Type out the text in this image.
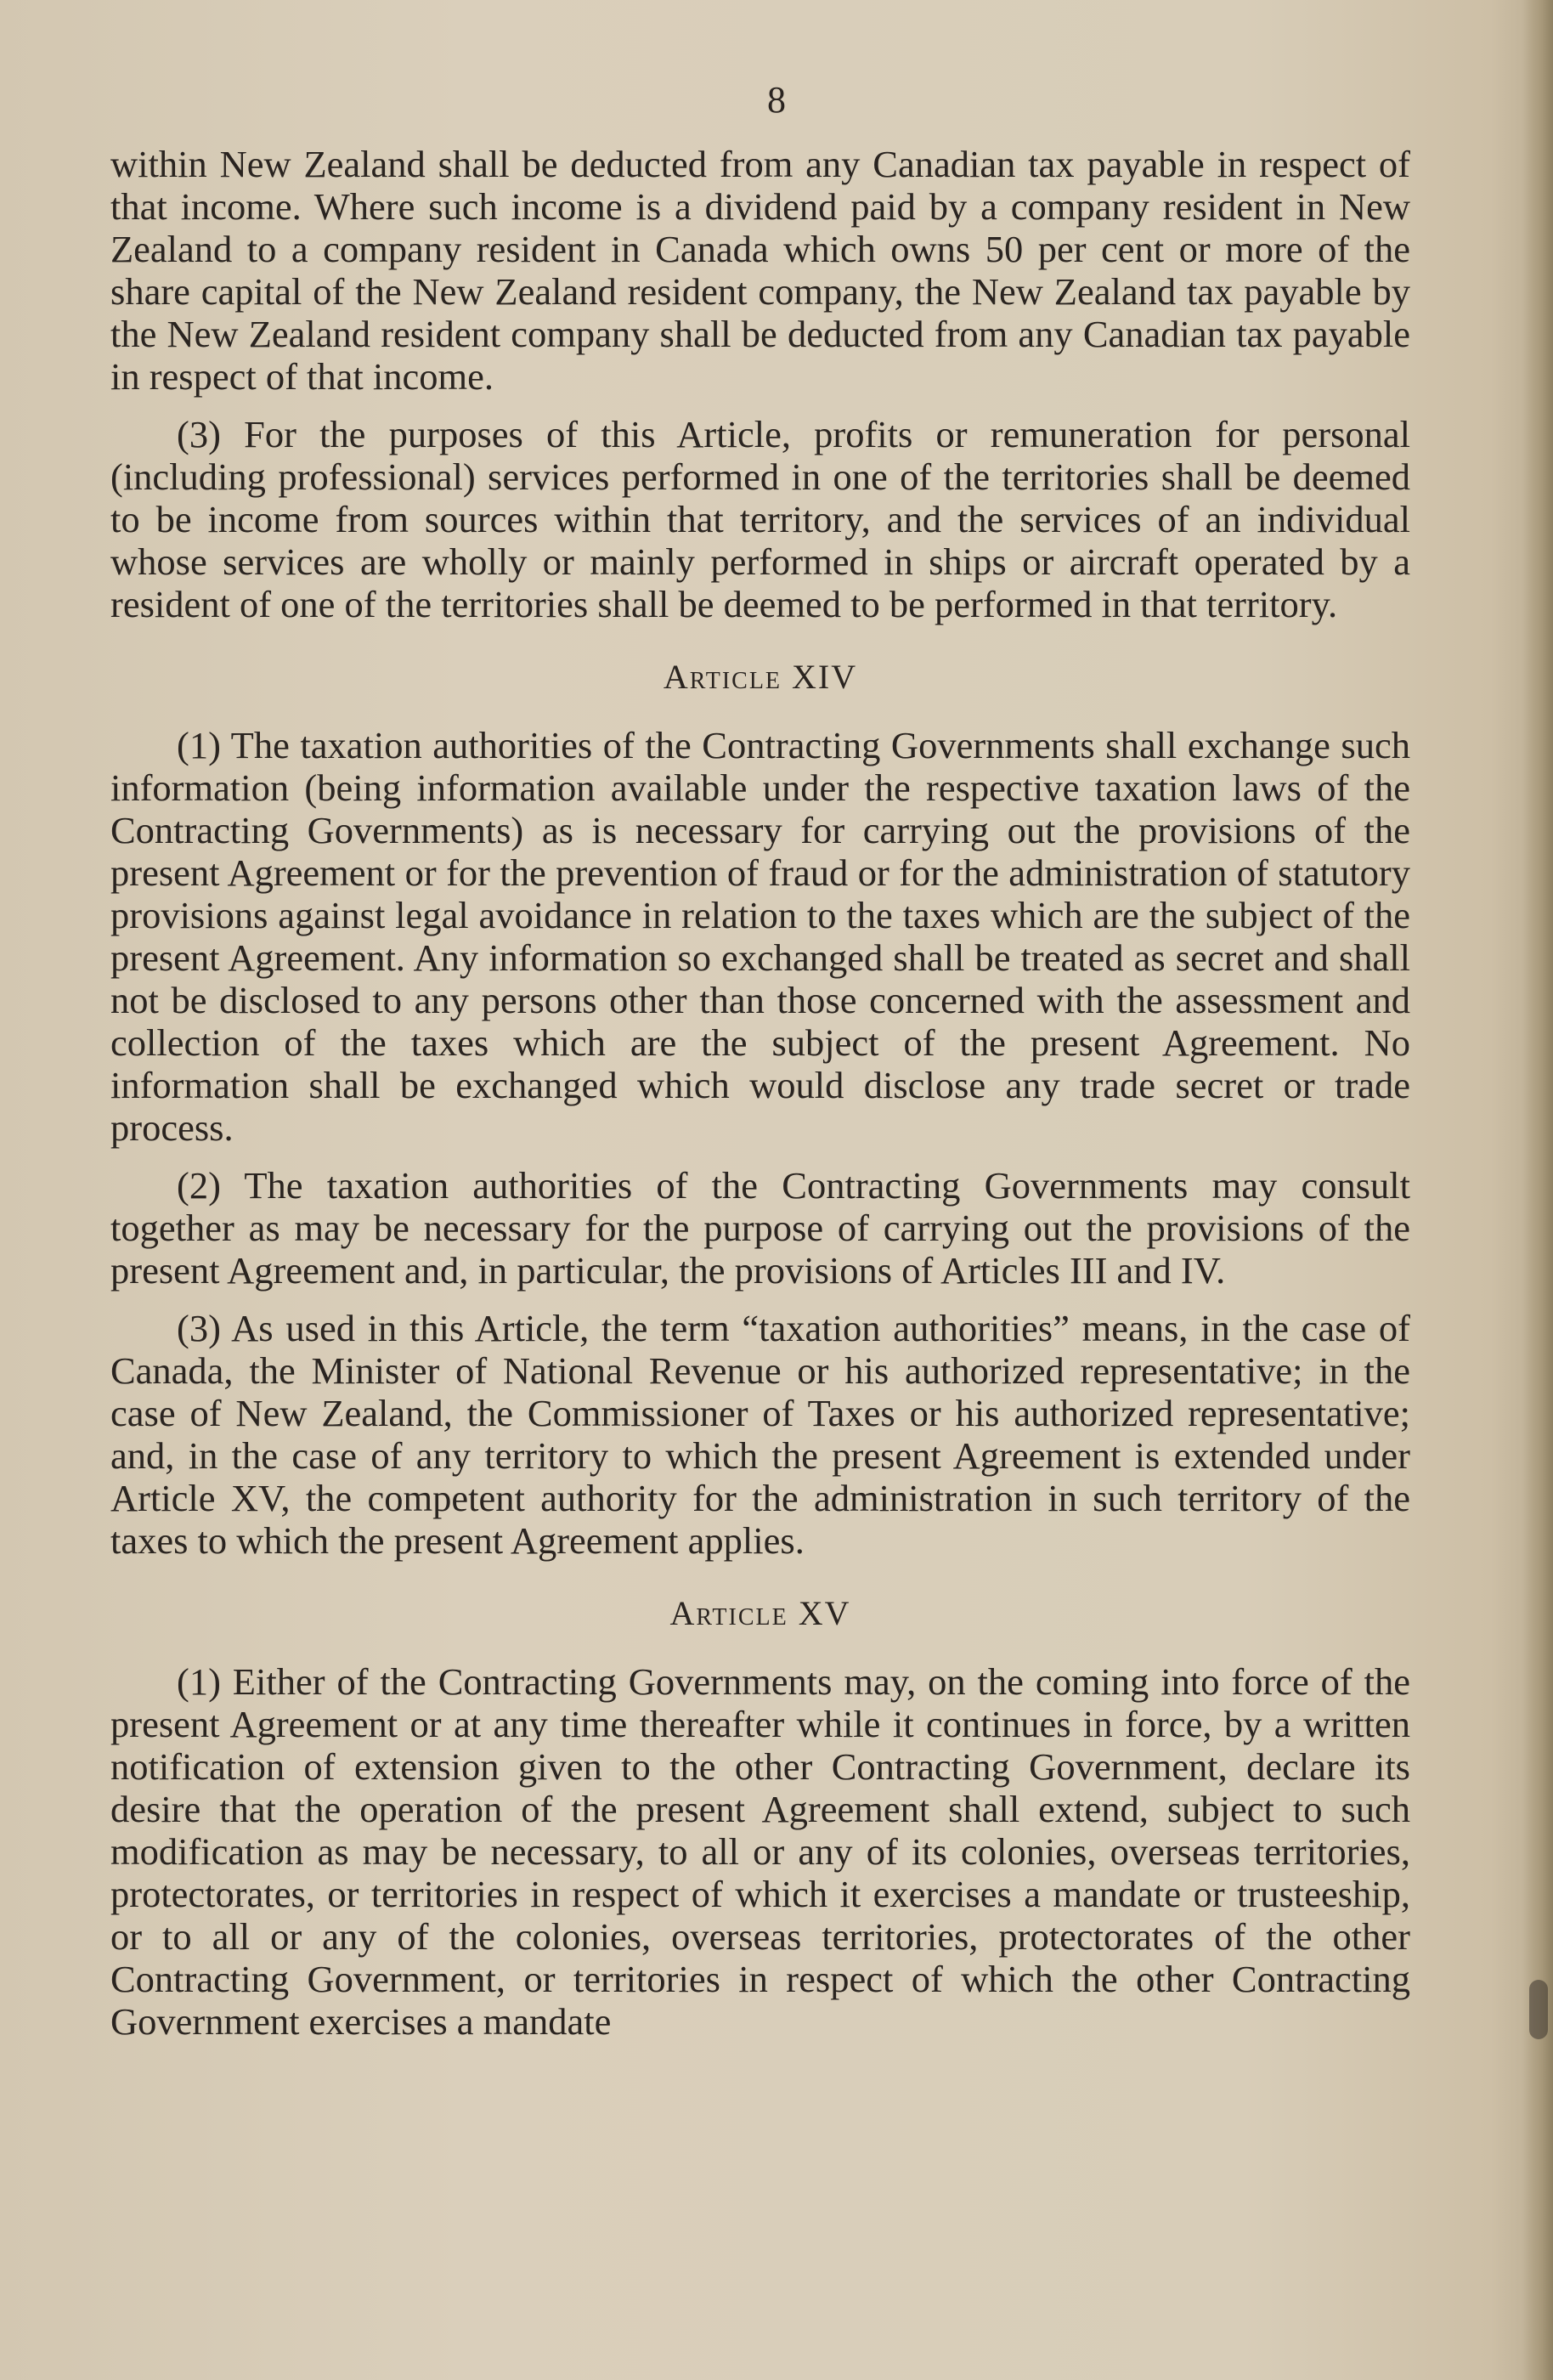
8

within New Zealand shall be deducted from any Canadian tax payable in respect of that income. Where such income is a dividend paid by a company resident in New Zealand to a company resident in Canada which owns 50 per cent or more of the share capital of the New Zealand resident company, the New Zealand tax payable by the New Zealand resident company shall be deducted from any Canadian tax payable in respect of that income.

(3) For the purposes of this Article, profits or remuneration for personal (including professional) services performed in one of the territories shall be deemed to be income from sources within that territory, and the services of an individual whose services are wholly or mainly performed in ships or aircraft operated by a resident of one of the territories shall be deemed to be performed in that territory.

Article XIV

(1) The taxation authorities of the Contracting Governments shall exchange such information (being information available under the respective taxation laws of the Contracting Governments) as is necessary for carrying out the provisions of the present Agreement or for the prevention of fraud or for the administration of statutory provisions against legal avoidance in relation to the taxes which are the subject of the present Agreement. Any information so exchanged shall be treated as secret and shall not be disclosed to any persons other than those concerned with the assessment and collection of the taxes which are the subject of the present Agreement. No information shall be exchanged which would disclose any trade secret or trade process.

(2) The taxation authorities of the Contracting Governments may consult together as may be necessary for the purpose of carrying out the provisions of the present Agreement and, in particular, the provisions of Articles III and IV.

(3) As used in this Article, the term “taxation authorities” means, in the case of Canada, the Minister of National Revenue or his authorized representative; in the case of New Zealand, the Commissioner of Taxes or his authorized representative; and, in the case of any territory to which the present Agreement is extended under Article XV, the competent authority for the administration in such territory of the taxes to which the present Agreement applies.

Article XV

(1) Either of the Contracting Governments may, on the coming into force of the present Agreement or at any time thereafter while it continues in force, by a written notification of extension given to the other Contracting Government, declare its desire that the operation of the present Agreement shall extend, subject to such modification as may be necessary, to all or any of its colonies, overseas territories, protectorates, or territories in respect of which it exercises a mandate or trusteeship, or to all or any of the colonies, overseas territories, protectorates of the other Contracting Government, or territories in respect of which the other Contracting Government exercises a mandate
